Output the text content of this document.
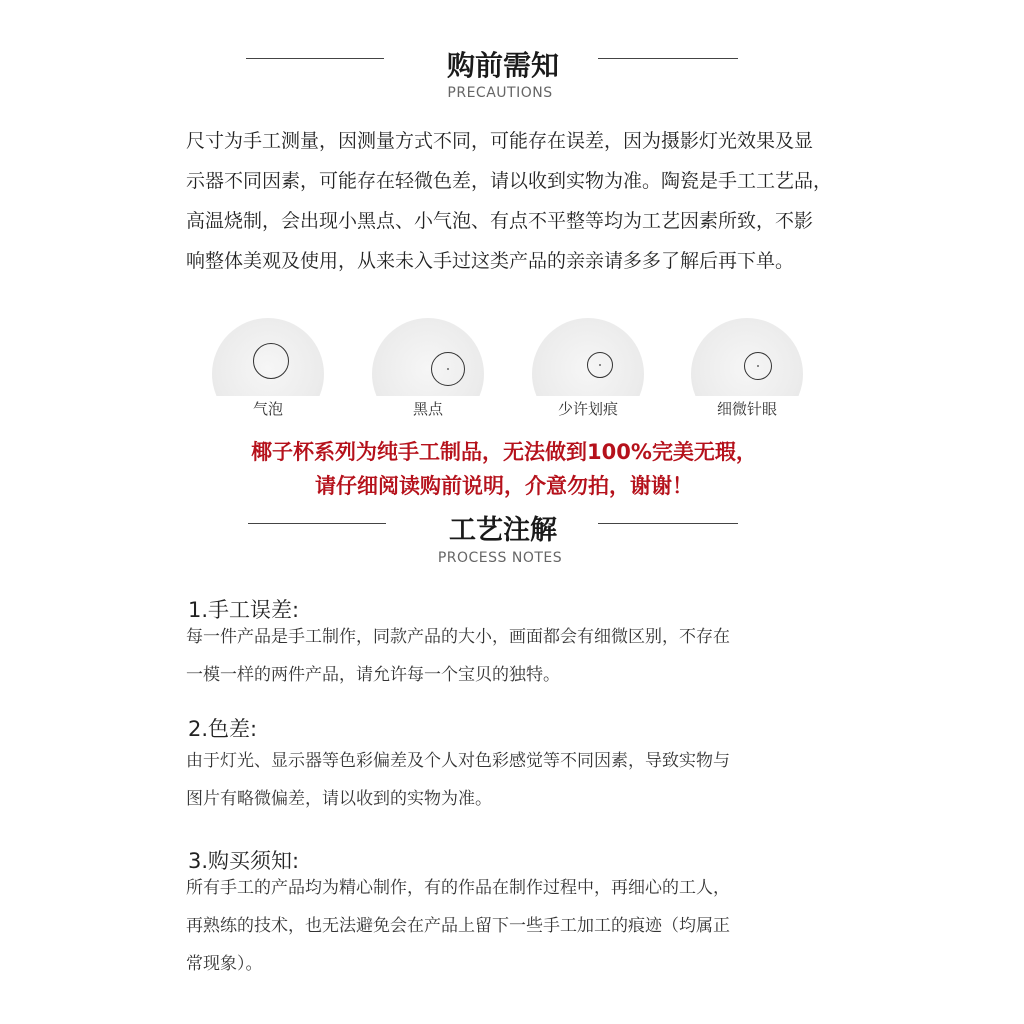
购前需知
PRECAUTIONS
尺寸为手工测量，因测量方式不同，可能存在误差，因为摄影灯光效果及显
示器不同因素，可能存在轻微色差，请以收到实物为准。陶瓷是手工工艺品，
高温烧制，会出现小黑点、小气泡、有点不平整等均为工艺因素所致，不影
响整体美观及使用，从来未入手过这类产品的亲亲请多多了解后再下单。
气泡	黑点	少许划痕	细微针眼
椰子杯系列为纯手工制品，无法做到100%完美无瑕，
请仔细阅读购前说明，介意勿拍，谢谢！
工艺注解
PROCESS NOTES
1.手工误差:
每一件产品是手工制作，同款产品的大小，画面都会有细微区别，不存在
一模一样的两件产品，请允许每一个宝贝的独特。
2.色差:
由于灯光、显示器等色彩偏差及个人对色彩感觉等不同因素，导致实物与
图片有略微偏差，请以收到的实物为准。
3.购买须知:
所有手工的产品均为精心制作，有的作品在制作过程中，再细心的工人，
再熟练的技术，也无法避免会在产品上留下一些手工加工的痕迹（均属正
常现象）。
